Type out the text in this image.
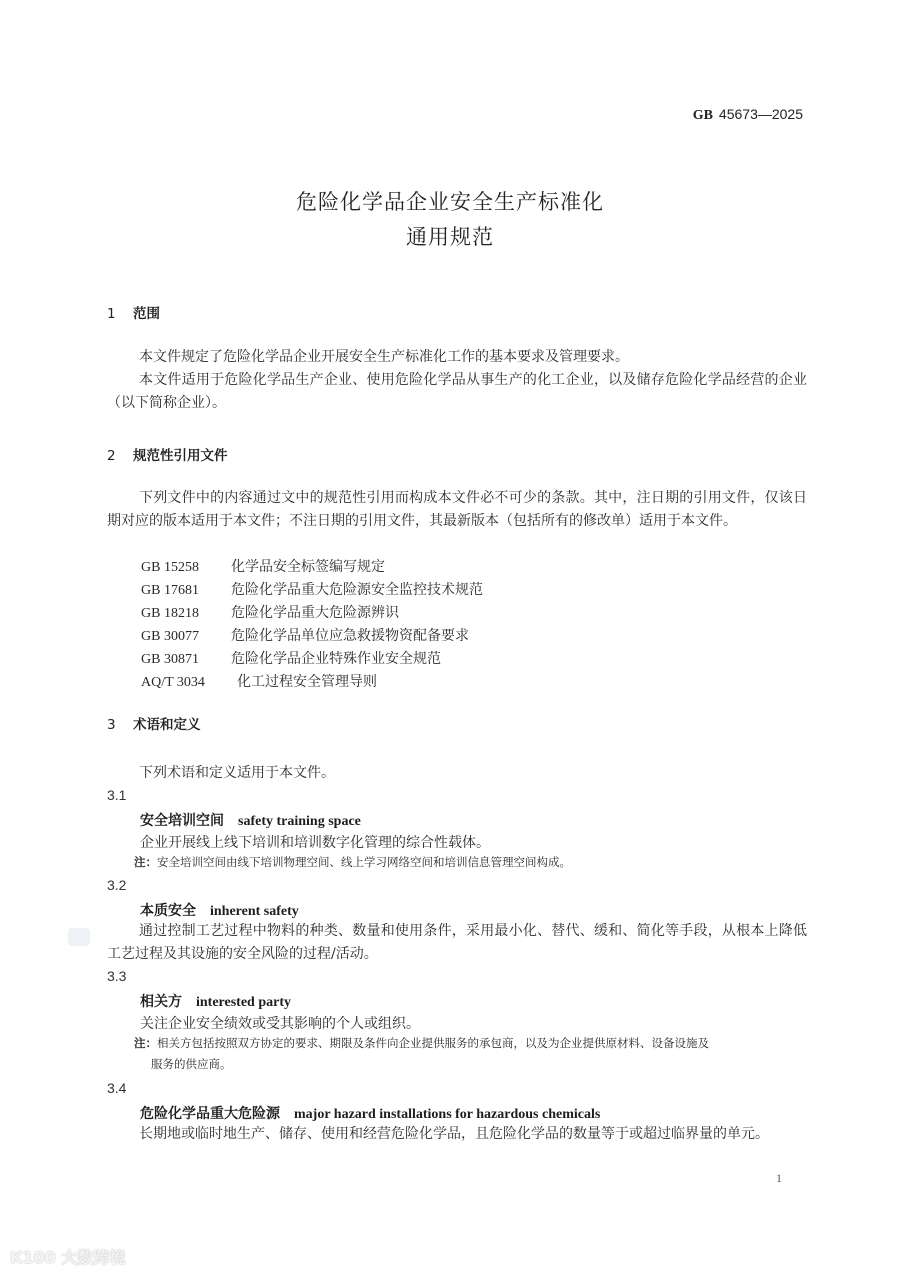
GB 45673—2025
危险化学品企业安全生产标准化
通用规范
1 范围
本文件规定了危险化学品企业开展安全生产标准化工作的基本要求及管理要求。
本文件适用于危险化学品生产企业、使用危险化学品从事生产的化工企业，以及储存危险化学品经营的企业（以下简称企业）。
2 规范性引用文件
下列文件中的内容通过文中的规范性引用而构成本文件必不可少的条款。其中，注日期的引用文件，仅该日期对应的版本适用于本文件；不注日期的引用文件，其最新版本（包括所有的修改单）适用于本文件。
GB 15258 化学品安全标签编写规定
GB 17681 危险化学品重大危险源安全监控技术规范
GB 18218 危险化学品重大危险源辨识
GB 30077 危险化学品单位应急救援物资配备要求
GB 30871 危险化学品企业特殊作业安全规范
AQ/T 3034 化工过程安全管理导则
3 术语和定义
下列术语和定义适用于本文件。
3.1
安全培训空间 safety training space
企业开展线上线下培训和培训数字化管理的综合性载体。
注：安全培训空间由线下培训物理空间、线上学习网络空间和培训信息管理空间构成。
3.2
本质安全 inherent safety
通过控制工艺过程中物料的种类、数量和使用条件，采用最小化、替代、缓和、简化等手段，从根本上降低工艺过程及其设施的安全风险的过程/活动。
3.3
相关方 interested party
关注企业安全绩效或受其影响的个人或组织。
注：相关方包括按照双方协定的要求、期限及条件向企业提供服务的承包商，以及为企业提供原材料、设备设施及
服务的供应商。
3.4
危险化学品重大危险源 major hazard installations for hazardous chemicals
长期地或临时地生产、储存、使用和经营危险化学品，且危险化学品的数量等于或超过临界量的单元。
1
K100 大数跨境
